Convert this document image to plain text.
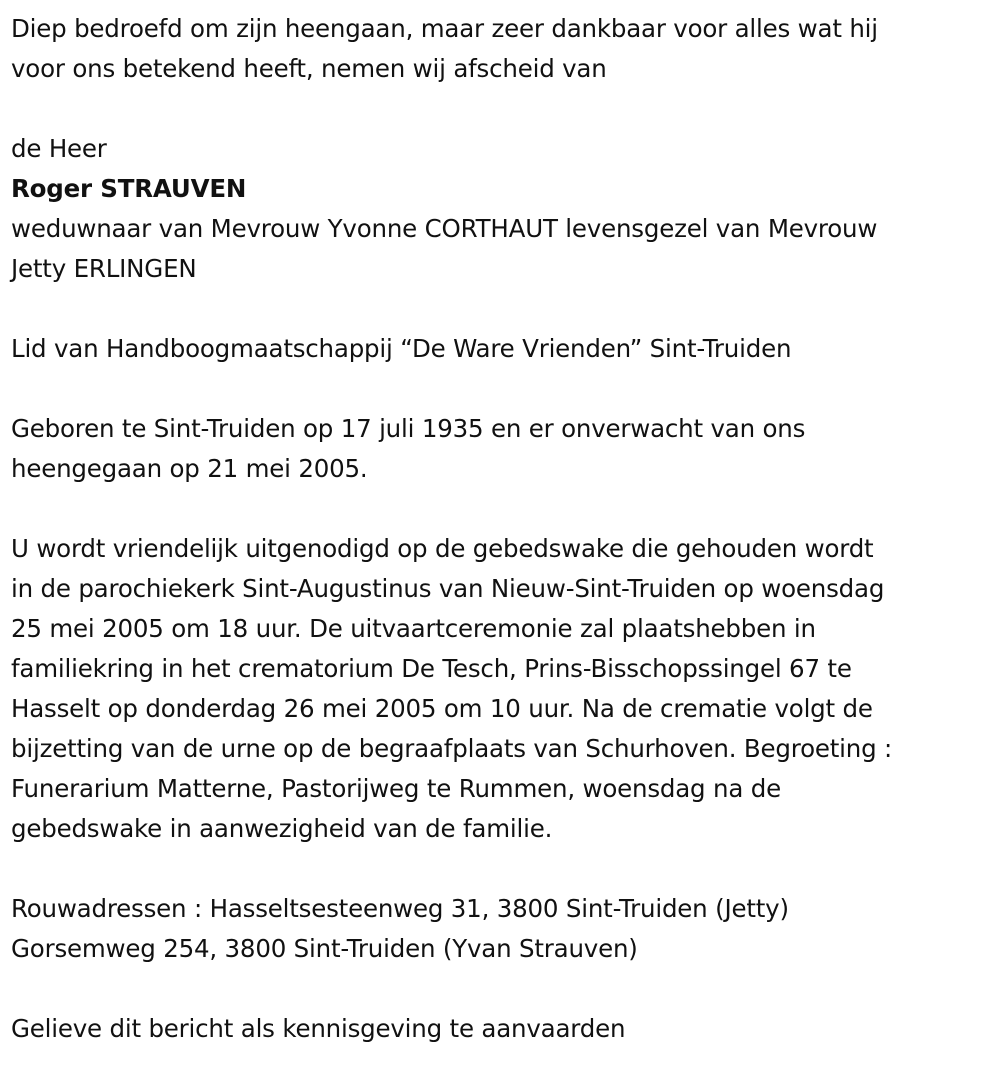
Diep bedroefd om zijn heengaan, maar zeer dankbaar voor alles wat hij
voor ons betekend heeft, nemen wij afscheid van
de Heer
Roger STRAUVEN
weduwnaar van Mevrouw Yvonne CORTHAUT levensgezel van Mevrouw
Jetty ERLINGEN
Lid van Handboogmaatschappij “De Ware Vrienden” Sint-Truiden
Geboren te Sint-Truiden op 17 juli 1935 en er onverwacht van ons
heengegaan op 21 mei 2005.
U wordt vriendelijk uitgenodigd op de gebedswake die gehouden wordt
in de parochiekerk Sint-Augustinus van Nieuw-Sint-Truiden op woensdag
25 mei 2005 om 18 uur. De uitvaartceremonie zal plaatshebben in
familiekring in het crematorium De Tesch, Prins-Bisschopssingel 67 te
Hasselt op donderdag 26 mei 2005 om 10 uur. Na de crematie volgt de
bijzetting van de urne op de begraafplaats van Schurhoven. Begroeting :
Funerarium Matterne, Pastorijweg te Rummen, woensdag na de
gebedswake in aanwezigheid van de familie.
Rouwadressen : Hasseltsesteenweg 31, 3800 Sint-Truiden (Jetty)
Gorsemweg 254, 3800 Sint-Truiden (Yvan Strauven)
Gelieve dit bericht als kennisgeving te aanvaarden
